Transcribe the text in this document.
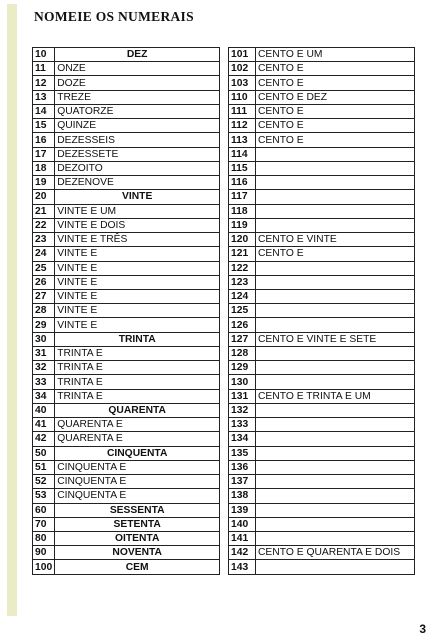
NOMEIE OS NUMERAIS
10	DEZ
11	ONZE
12	DOZE
13	TREZE
14	QUATORZE
15	QUINZE
16	DEZESSEIS
17	DEZESSETE
18	DEZOITO
19	DEZENOVE
20	VINTE
21	VINTE E UM
22	VINTE E DOIS
23	VINTE E TRÊS
24	VINTE E
25	VINTE E
26	VINTE E
27	VINTE E
28	VINTE E
29	VINTE E
30	TRINTA
31	TRINTA E
32	TRINTA E
33	TRINTA E
34	TRINTA E
40	QUARENTA
41	QUARENTA E
42	QUARENTA E
50	CINQUENTA
51	CINQUENTA E
52	CINQUENTA E
53	CINQUENTA E
60	SESSENTA
70	SETENTA
80	OITENTA
90	NOVENTA
100	CEM
101	CENTO E UM
102	CENTO E
103	CENTO E
110	CENTO E DEZ
111	CENTO E
112	CENTO E
113	CENTO E
114	
115	
116	
117	
118	
119	
120	CENTO E VINTE
121	CENTO E
122	
123	
124	
125	
126	
127	CENTO E VINTE E SETE
128	
129	
130	
131	CENTO E TRINTA E UM
132	
133	
134	
135	
136	
137	
138	
139	
140	
141	
142	CENTO E QUARENTA E DOIS
143	
3
